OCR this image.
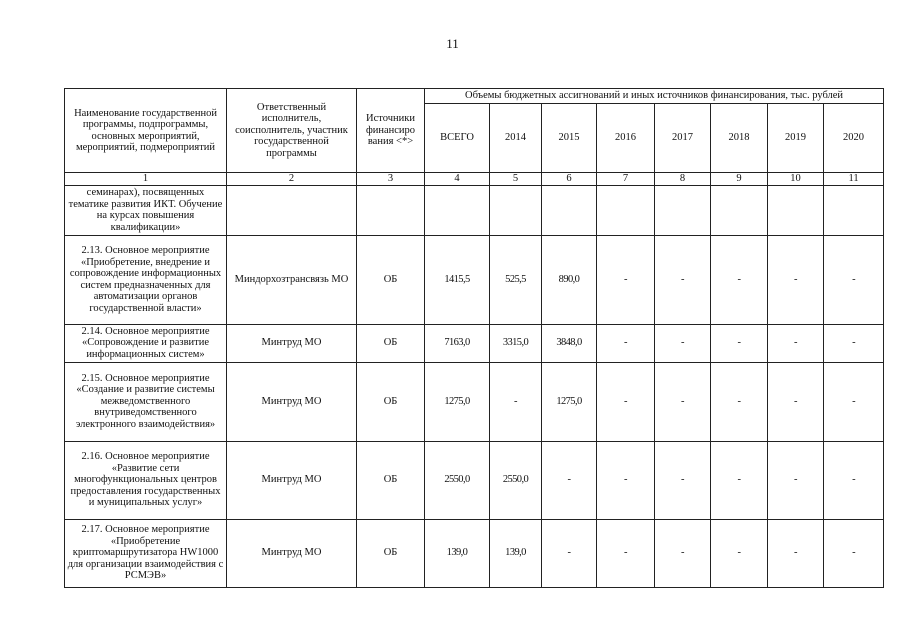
11
Наименование государственной программы, подпрограммы, основных мероприятий, мероприятий, подмероприятий	Ответственный исполнитель, соисполнитель, участник государственной программы	Источники финансиро вания <*>	Объемы бюджетных ассигнований и иных источников финансирования, тыс. рублей							
			ВСЕГО	2014	2015	2016	2017	2018	2019	2020
1	2	3	4	5	6	7	8	9	10	11
семинарах), посвященных тематике развития ИКТ. Обучение на курсах повышения квалификации»										
2.13. Основное мероприятие «Приобретение, внедрение и сопровождение информационных систем предназначенных для автоматизации органов государственной власти»	Миндорхозтрансвязь МО	ОБ	1415,5	525,5	890,0	-	-	-	-	-
2.14. Основное мероприятие «Сопровождение и развитие информационных систем»	Минтруд МО	ОБ	7163,0	3315,0	3848,0	-	-	-	-	-
2.15. Основное мероприятие «Создание и развитие системы межведомственного внутриведомственного электронного взаимодействия»	Минтруд МО	ОБ	1275,0	-	1275,0	-	-	-	-	-
2.16. Основное мероприятие «Развитие сети многофункциональных центров предоставления государственных и муниципальных услуг»	Минтруд МО	ОБ	2550,0	2550,0	-	-	-	-	-	-
2.17. Основное мероприятие «Приобретение криптомаршрутизатора HW1000 для организации взаимодействия с РСМЭВ»	Минтруд МО	ОБ	139,0	139,0	-	-	-	-	-	-
